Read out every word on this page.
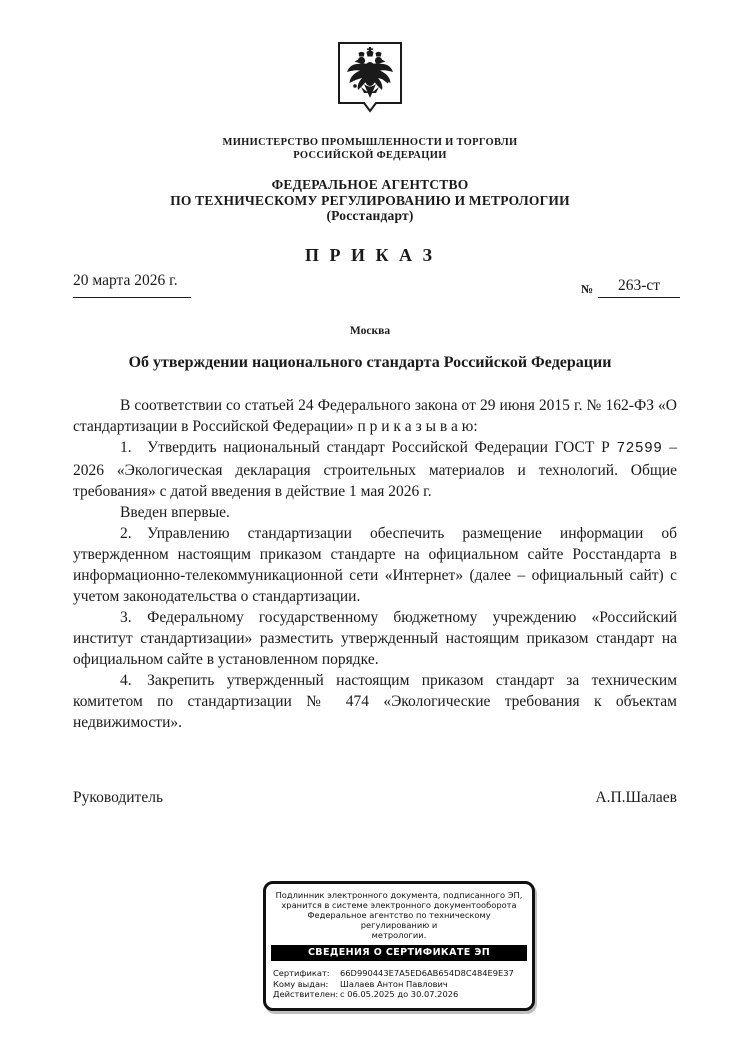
МИНИСТЕРСТВО ПРОМЫШЛЕННОСТИ И ТОРГОВЛИ
РОССИЙСКОЙ ФЕДЕРАЦИИ
ФЕДЕРАЛЬНОЕ АГЕНТСТВО
ПО ТЕХНИЧЕСКОМУ РЕГУЛИРОВАНИЮ И МЕТРОЛОГИИ
(Росстандарт)
П Р И К А З
20 марта 2026 г.	№	263-ст
Москва
Об утверждении национального стандарта Российской Федерации

В соответствии со статьей 24 Федерального закона от 29 июня 2015 г. № 162-ФЗ «О стандартизации в Российской Федерации» п р и к а з ы в а ю:

1. Утвердить национальный стандарт Российской Федерации ГОСТ Р 72599 –2026 «Экологическая декларация строительных материалов и технологий. Общие требования» с датой введения в действие 1 мая 2026 г.

Введен впервые.

2. Управлению стандартизации обеспечить размещение информации об утвержденном настоящим приказом стандарте на официальном сайте Росстандарта в информационно-телекоммуникационной сети «Интернет» (далее – официальный сайт) с учетом законодательства о стандартизации.

3. Федеральному государственному бюджетному учреждению «Российский институт стандартизации» разместить утвержденный настоящим приказом стандарт на официальном сайте в установленном порядке.

4. Закрепить утвержденный настоящим приказом стандарт за техническим комитетом по стандартизации № 474 «Экологические требования к объектам недвижимости».

Руководитель	А.П.Шалаев
Подлинник электронного документа, подписанного ЭП,
хранится в системе электронного документооборота
Федеральное агентство по техническому регулированию и
метрологии.
СВЕДЕНИЯ О СЕРТИФИКАТЕ ЭП
Сертификат:	66D990443E7A5ED6AB654D8C484E9E37
Кому выдан:	Шалаев Антон Павлович
Действителен: с 06.05.2025 до 30.07.2026
